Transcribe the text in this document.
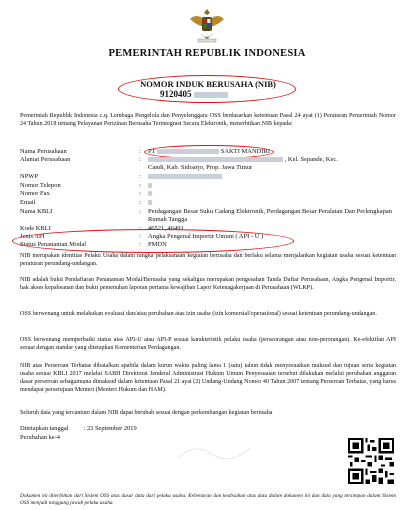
PEMERINTAH REPUBLIK INDONESIA
NOMOR INDUK BERUSAHA (NIB)
9120405
Pemerintah Republik Indonesia c.q. Lembaga Pengelola dan Penyelenggara OSS berdasarkan ketentuan Pasal 24 ayat (1) Peraturan Pemerintah Nomor 24 Tahun 2018 tentang Pelayanan Perizinan Berusaha Terintegrasi Secara Elektronik, menerbitkan NIB kepada:
Nama Perusahaan	: PT	SAKTI MANDIRI
Alamat Perusahaan	:	, Kel. Sepande, Kec.
Candi, Kab. Sidoarjo, Prop. Jawa Timur
NPWP	:
Nomor Telepon	:
Nomor Fax	:
Email	:
Nama KBLI	: Perdagangan Besar Suku Cadang Elektronik, Perdagangan Besar Peralatan Dan Perlengkapan Rumah Tangga
Kode KBLI	: 46521, 46491
Jenis API	: Angka Pengenal Importir Umum ( API - U )
Status Penanaman Modal	: PMDN
NIB merupakan identitas Pelaku Usaha dalam rangka pelaksanaan kegiatan berusaha dan berlaku selama menjalankan kegiatan usaha sesuai ketentuan peraturan perundang-undangan.
NIB adalah bukti Pendaftaran Penanaman Modal/Berusaha yang sekaligus merupakan pengesahan Tanda Daftar Perusahaan, Angka Pengenal Importir, hak akses kepabeanan dan bukti pemenuhan laporan pertama kewajiban Lapor Ketenagakerjaan di Perusahaan (WLKP).
OSS berwenang untuk melakukan evaluasi dan/atau perubahan atas izin usaha (izin komersial/operasional) sesuai ketentuan perundang-undangan.
OSS berwenang memperbaiki status atas API-U atau API-P sesuai karakteristik pelaku usaha (perseorangan atau non-perorangan). Ke-efektifan API sesuai dengan standar yang ditetapkan Kementerian Perdagangan.
NIB atas Perseroan Terbatas dibatalkan apabila dalam kurun waktu paling lama 1 (satu) tahun tidak menyesuaikan maksud dan tujuan serta kegiatan usaha sesuai KBLI 2017 melalui SABH Direktorat Jenderal Administrasi Hukum Umum Penyesuaian tersebut dilakukan melalui perubahan anggaran dasar perseroan sebagaimana dimaksud dalam ketentuan Pasal 21 ayat (2) Undang-Undang Nomor 40 Tahun 2007 tentang Perseroan Terbatas, yang harus mendapat persetujuan Menteri (Menteri Hukum dan HAM).
Seluruh data yang tercantum dalam NIB dapat berubah sesuai dengan perkembangan kegiatan berusaha
Ditetapkan tanggal : 23 September 2019
Perubahan ke-4
Dokumen ini diterbitkan dari Sistem OSS atas dasar data dari pelaku usaha. Kebenaran dan keabsahan atas data dalam dokumen ini dan data yang tersimpan dalam Sistem OSS menjadi tanggung jawab pelaku usaha.
